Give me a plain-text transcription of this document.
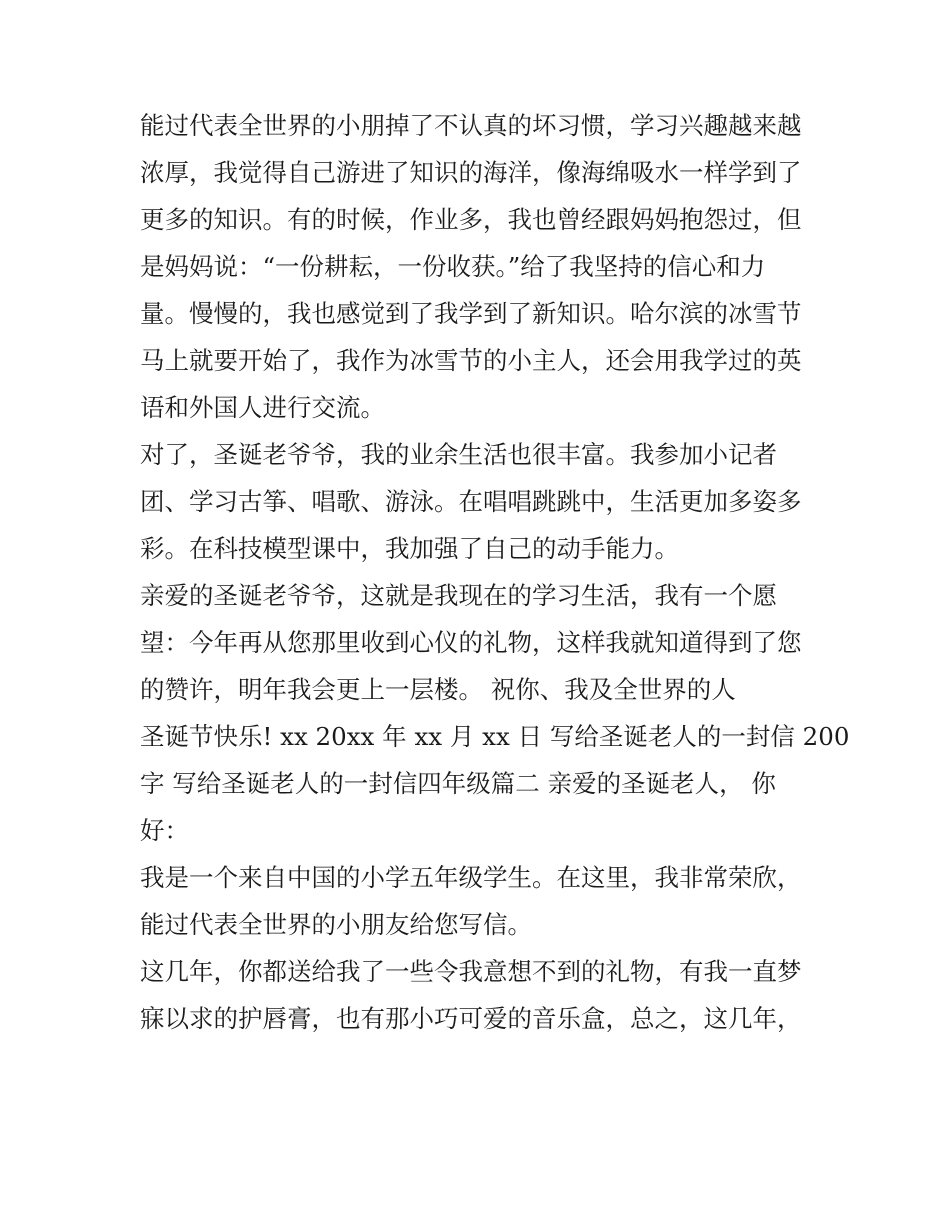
能过代表全世界的小朋掉了不认真的坏习惯，学习兴趣越来越
浓厚，我觉得自己游进了知识的海洋，像海绵吸水一样学到了
更多的知识。有的时候，作业多，我也曾经跟妈妈抱怨过，但
是妈妈说：“一份耕耘，一份收获。”给了我坚持的信心和力
量。慢慢的，我也感觉到了我学到了新知识。哈尔滨的冰雪节
马上就要开始了，我作为冰雪节的小主人，还会用我学过的英
语和外国人进行交流。
对了，圣诞老爷爷，我的业余生活也很丰富。我参加小记者
团、学习古筝、唱歌、游泳。在唱唱跳跳中，生活更加多姿多
彩。在科技模型课中，我加强了自己的动手能力。
亲爱的圣诞老爷爷，这就是我现在的学习生活，我有一个愿
望：今年再从您那里收到心仪的礼物，这样我就知道得到了您
的赞许，明年我会更上一层楼。 祝你、我及全世界的人
圣诞节快乐! xx 20xx 年 xx 月 xx 日 写给圣诞老人的一封信 200
字 写给圣诞老人的一封信四年级篇二 亲爱的圣诞老人， 你
好：
我是一个来自中国的小学五年级学生。在这里，我非常荣欣，
能过代表全世界的小朋友给您写信。
这几年，你都送给我了一些令我意想不到的礼物，有我一直梦
寐以求的护唇膏，也有那小巧可爱的音乐盒，总之，这几年，
